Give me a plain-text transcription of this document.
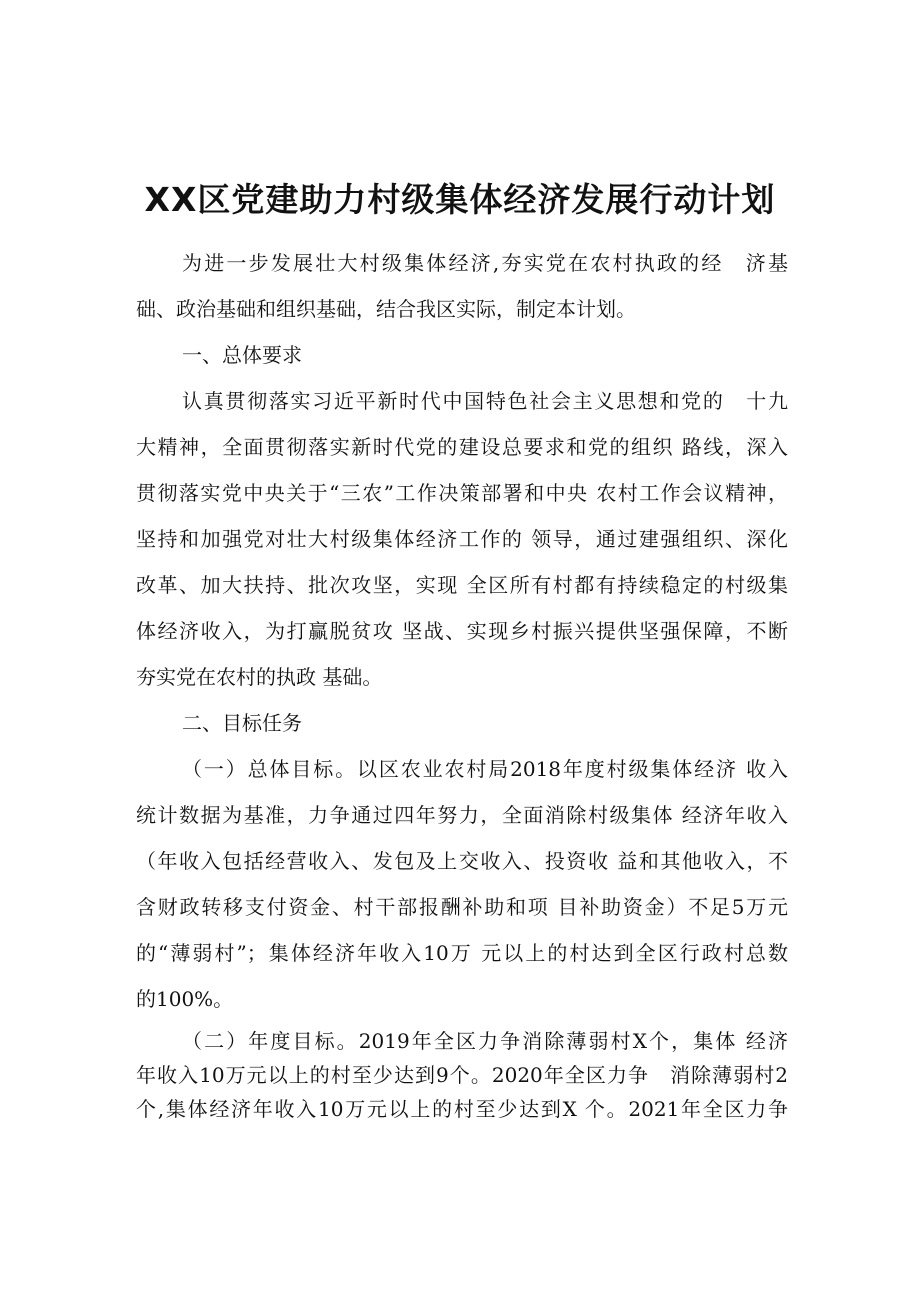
XX区党建助力村级集体经济发展行动计划
为进一步发展壮大村级集体经济,夯实党在农村执政的经　济基
础、政治基础和组织基础，结合我区实际，制定本计划。
一、总体要求
认真贯彻落实习近平新时代中国特色社会主义思想和党的　十九
大精神，全面贯彻落实新时代党的建设总要求和党的组织 路线，深入
贯彻落实党中央关于“三农”工作决策部署和中央 农村工作会议精神，
坚持和加强党对壮大村级集体经济工作的 领导，通过建强组织、深化
改革、加大扶持、批次攻坚，实现 全区所有村都有持续稳定的村级集
体经济收入，为打赢脱贫攻 坚战、实现乡村振兴提供坚强保障，不断
夯实党在农村的执政 基础。
二、目标任务
（一）总体目标。以区农业农村局2018年度村级集体经济 收入
统计数据为基准，力争通过四年努力，全面消除村级集体 经济年收入
（年收入包括经营收入、发包及上交收入、投资收 益和其他收入，不
含财政转移支付资金、村干部报酬补助和项 目补助资金）不足5万元
的“薄弱村”；集体经济年收入10万 元以上的村达到全区行政村总数
的100%。
（二）年度目标。2019年全区力争消除薄弱村X个，集体 经济
年收入10万元以上的村至少达到9个。2020年全区力争　消除薄弱村2
个,集体经济年收入10万元以上的村至少达到X 个。2021年全区力争
